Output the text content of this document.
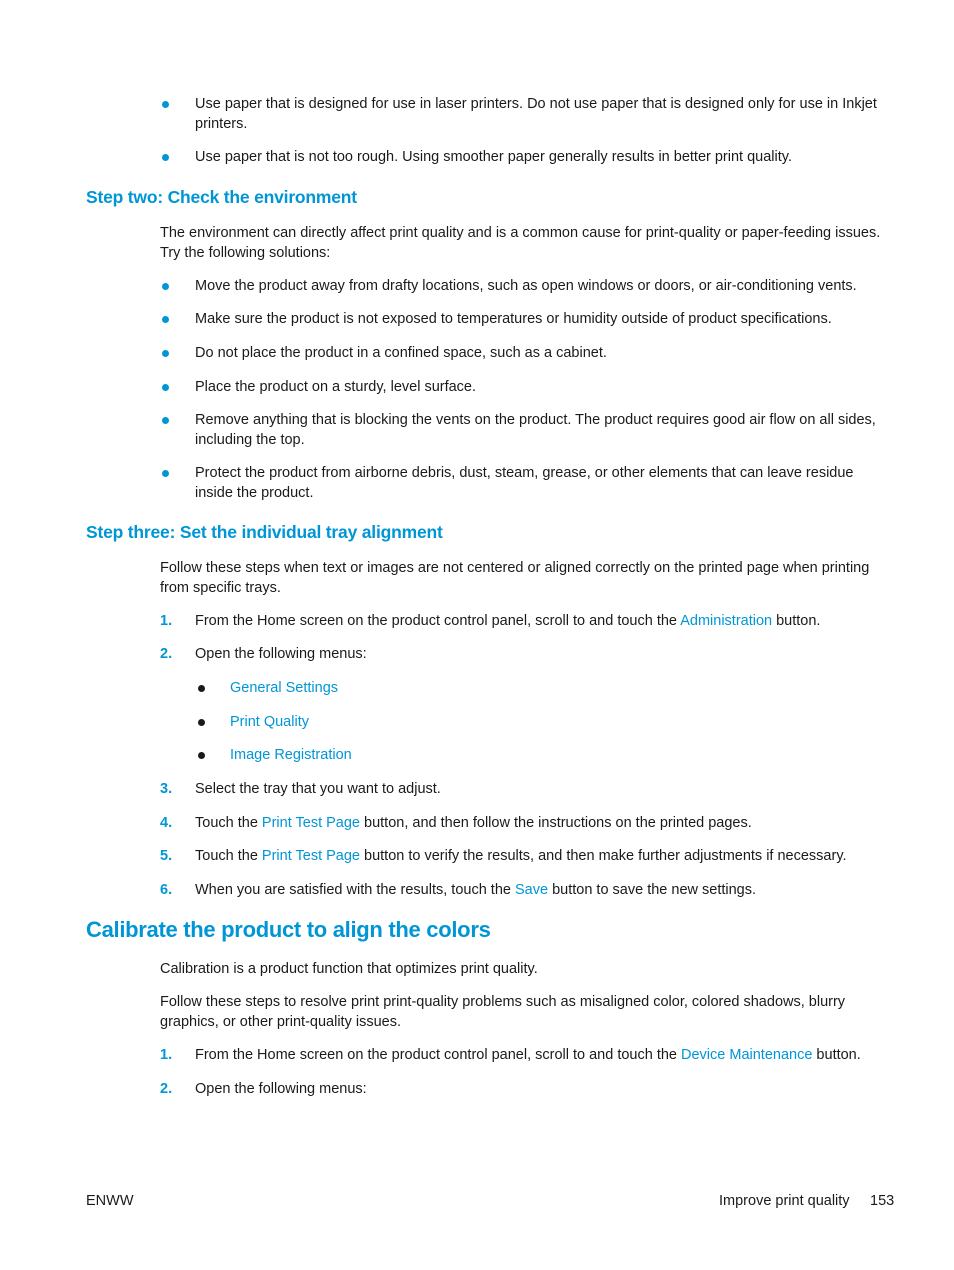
Use paper that is designed for use in laser printers. Do not use paper that is designed only for use in Inkjet printers.
Use paper that is not too rough. Using smoother paper generally results in better print quality.
Step two: Check the environment
The environment can directly affect print quality and is a common cause for print-quality or paper-feeding issues. Try the following solutions:
Move the product away from drafty locations, such as open windows or doors, or air-conditioning vents.
Make sure the product is not exposed to temperatures or humidity outside of product specifications.
Do not place the product in a confined space, such as a cabinet.
Place the product on a sturdy, level surface.
Remove anything that is blocking the vents on the product. The product requires good air flow on all sides, including the top.
Protect the product from airborne debris, dust, steam, grease, or other elements that can leave residue inside the product.
Step three: Set the individual tray alignment
Follow these steps when text or images are not centered or aligned correctly on the printed page when printing from specific trays.
1. From the Home screen on the product control panel, scroll to and touch the Administration button.
2. Open the following menus:
General Settings
Print Quality
Image Registration
3. Select the tray that you want to adjust.
4. Touch the Print Test Page button, and then follow the instructions on the printed pages.
5. Touch the Print Test Page button to verify the results, and then make further adjustments if necessary.
6. When you are satisfied with the results, touch the Save button to save the new settings.
Calibrate the product to align the colors
Calibration is a product function that optimizes print quality.
Follow these steps to resolve print print-quality problems such as misaligned color, colored shadows, blurry graphics, or other print-quality issues.
1. From the Home screen on the product control panel, scroll to and touch the Device Maintenance button.
2. Open the following menus:
ENWW	Improve print quality 153
